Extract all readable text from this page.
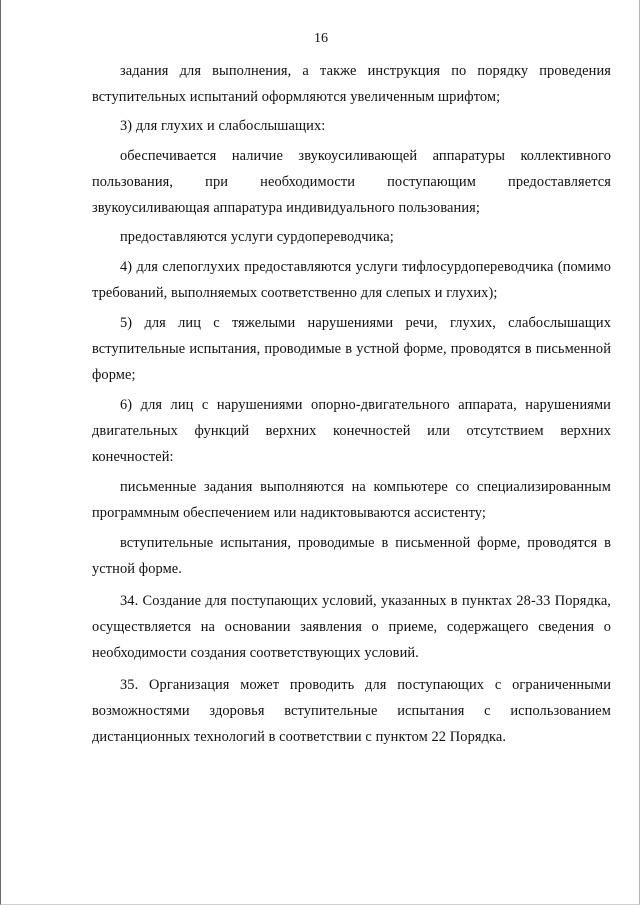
16

задания для выполнения, а также инструкция по порядку проведения вступительных испытаний оформляются увеличенным шрифтом;

3) для глухих и слабослышащих:

обеспечивается наличие звукоусиливающей аппаратуры коллективного пользования, при необходимости поступающим предоставляется звукоусиливающая аппаратура индивидуального пользования;

предоставляются услуги сурдопереводчика;

4) для слепоглухих предоставляются услуги тифлосурдопереводчика (помимо требований, выполняемых соответственно для слепых и глухих);

5) для лиц с тяжелыми нарушениями речи, глухих, слабослышащих вступительные испытания, проводимые в устной форме, проводятся в письменной форме;

6) для лиц с нарушениями опорно-двигательного аппарата, нарушениями двигательных функций верхних конечностей или отсутствием верхних конечностей:

письменные задания выполняются на компьютере со специализированным программным обеспечением или надиктовываются ассистенту;

вступительные испытания, проводимые в письменной форме, проводятся в устной форме.

34. Создание для поступающих условий, указанных в пунктах 28-33 Порядка, осуществляется на основании заявления о приеме, содержащего сведения о необходимости создания соответствующих условий.

35. Организация может проводить для поступающих с ограниченными возможностями здоровья вступительные испытания с использованием дистанционных технологий в соответствии с пунктом 22 Порядка.
